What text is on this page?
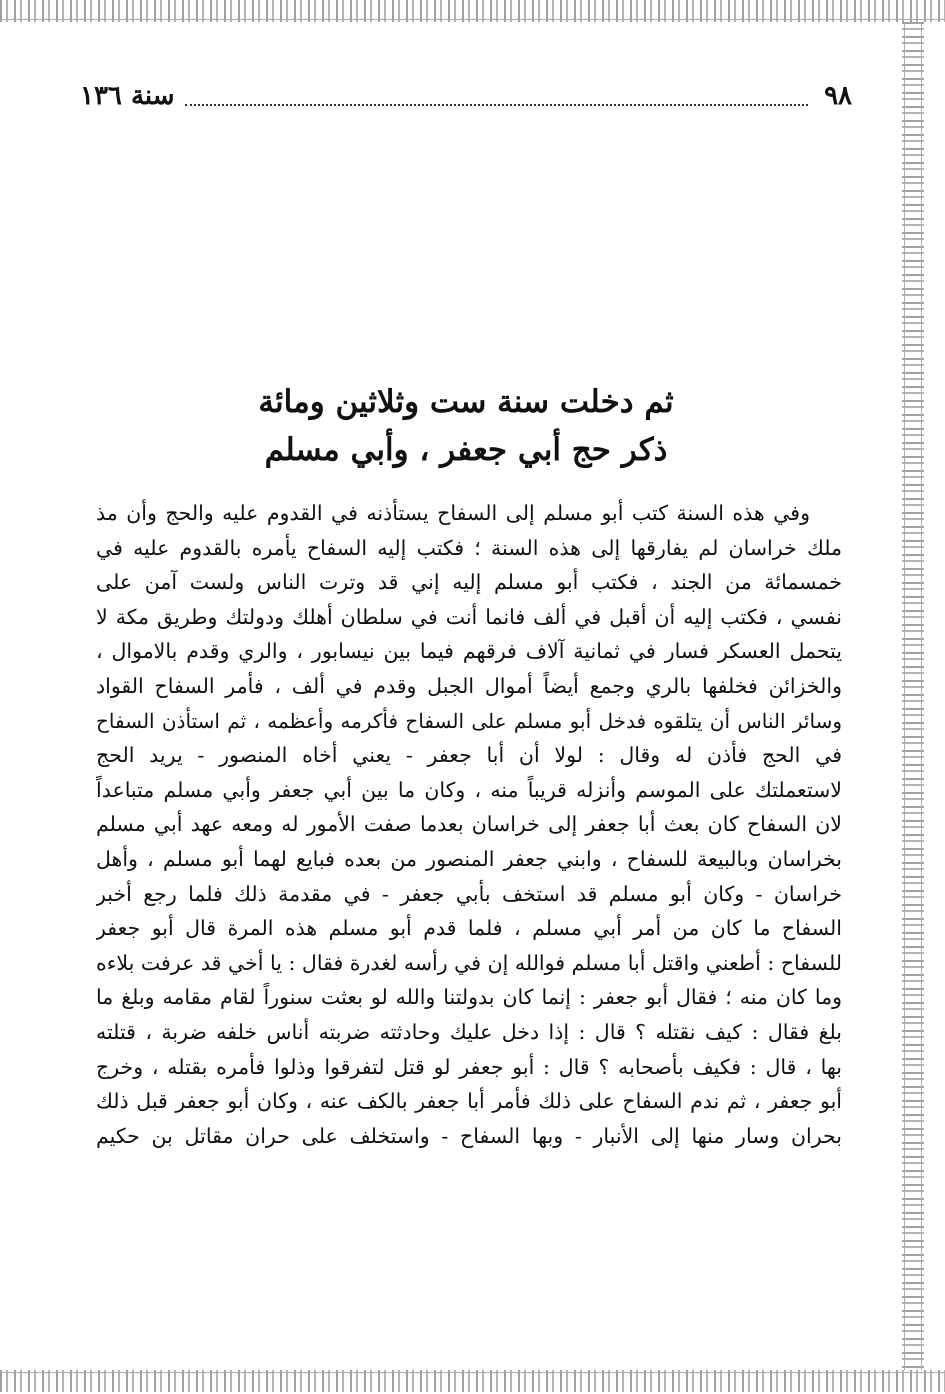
٩٨
سنة ١٣٦
ثم دخلت سنة ست وثلاثين ومائة
ذكر حج أبي جعفر ، وأبي مسلم
وفي هذه السنة كتب أبو مسلم إلى السفاح يستأذنه في القدوم عليه والحج وأن مذ
ملك خراسان لم يفارقها إلى هذه السنة ؛ فكتب إليه السفاح يأمره بالقدوم عليه في
خمسمائة من الجند ، فكتب أبو مسلم إليه إني قد وترت الناس ولست آمن على
نفسي ، فكتب إليه أن أقبل في ألف فانما أنت في سلطان أهلك ودولتك وطريق مكة لا
يتحمل العسكر فسار في ثمانية آلاف فرقهم فيما بين نيسابور ، والري وقدم بالاموال ،
والخزائن فخلفها بالري وجمع أيضاً أموال الجبل وقدم في ألف ، فأمر السفاح القواد
وسائر الناس أن يتلقوه فدخل أبو مسلم على السفاح فأكرمه وأعظمه ، ثم استأذن السفاح
في الحج فأذن له وقال : لولا أن أبا جعفر - يعني أخاه المنصور - يريد الحج
لاستعملتك على الموسم وأنزله قريباً منه ، وكان ما بين أبي جعفر وأبي مسلم متباعداً
لان السفاح كان بعث أبا جعفر إلى خراسان بعدما صفت الأمور له ومعه عهد أبي مسلم
بخراسان وبالبيعة للسفاح ، وابني جعفر المنصور من بعده فبايع لهما أبو مسلم ، وأهل
خراسان - وكان أبو مسلم قد استخف بأبي جعفر - في مقدمة ذلك فلما رجع أخبر
السفاح ما كان من أمر أبي مسلم ، فلما قدم أبو مسلم هذه المرة قال أبو جعفر
للسفاح : أطعني واقتل أبا مسلم فوالله إن في رأسه لغدرة فقال : يا أخي قد عرفت بلاءه
وما كان منه ؛ فقال أبو جعفر : إنما كان بدولتنا والله لو بعثت سنوراً لقام مقامه وبلغ ما
بلغ فقال : كيف نقتله ؟ قال : إذا دخل عليك وحادثته ضربته أناس خلفه ضربة ، قتلته
بها ، قال : فكيف بأصحابه ؟ قال : أبو جعفر لو قتل لتفرقوا وذلوا فأمره بقتله ، وخرج
أبو جعفر ، ثم ندم السفاح على ذلك فأمر أبا جعفر بالكف عنه ، وكان أبو جعفر قبل ذلك
بحران وسار منها إلى الأنبار - وبها السفاح - واستخلف على حران مقاتل بن حكيم
